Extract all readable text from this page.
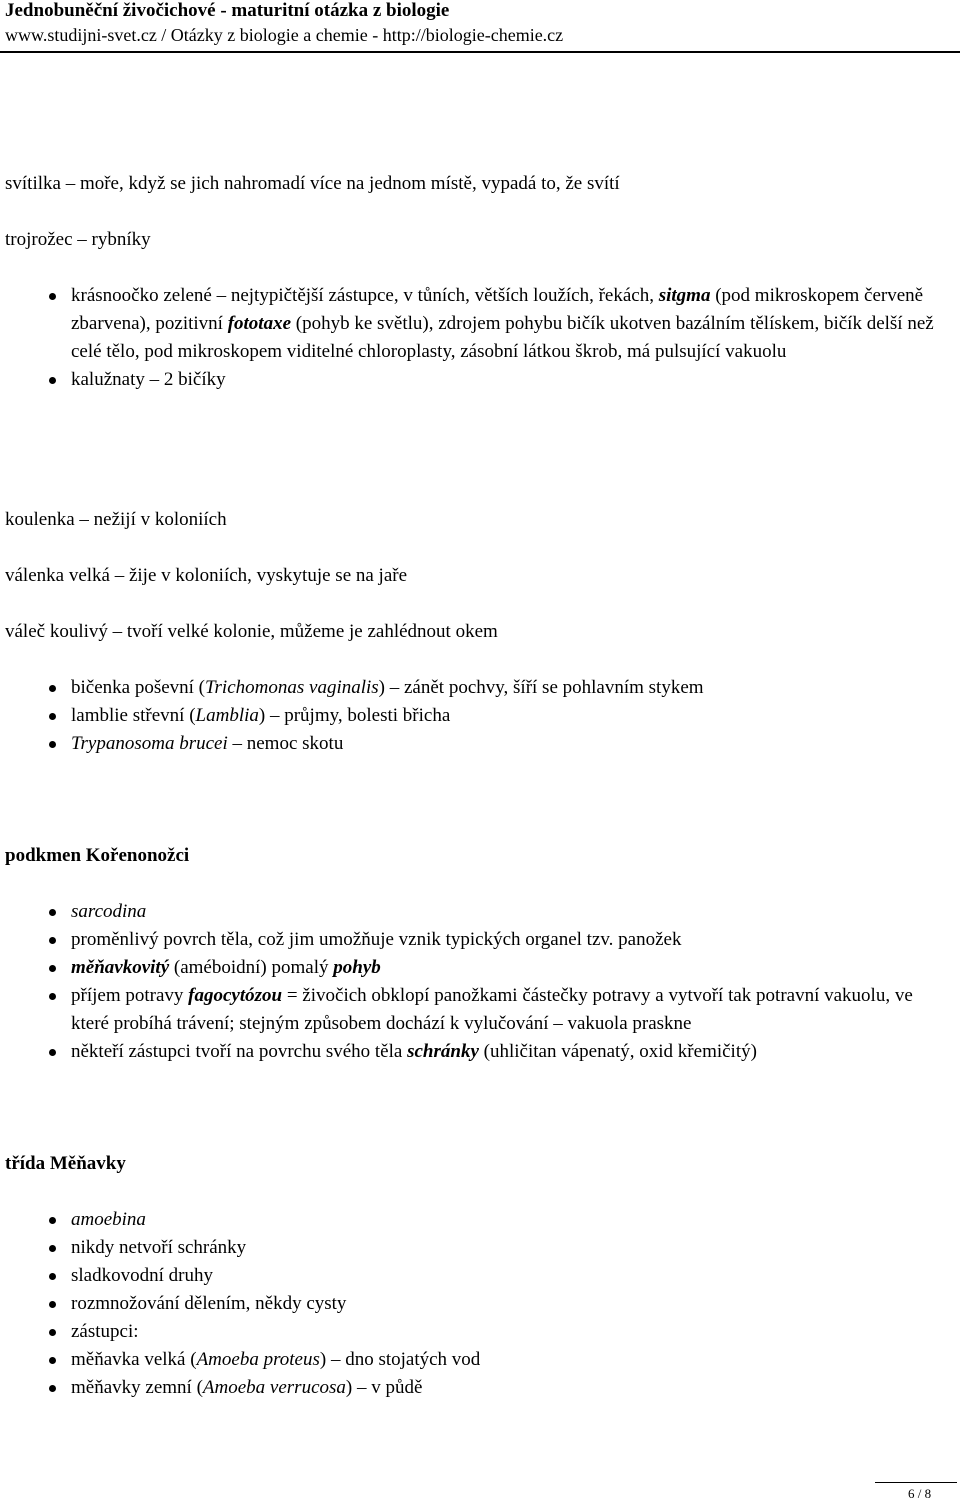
Jednobuněční živočichové - maturitní otázka z biologie
www.studijni-svet.cz / Otázky z biologie a chemie - http://biologie-chemie.cz

svítilka – moře, když se jich nahromadí více na jednom místě, vypadá to, že svítí

trojrožec – rybníky

krásnoočko zelené – nejtypičtější zástupce, v tůních, větších loužích, řekách, sitgma (pod mikroskopem červeně zbarvena), pozitivní fototaxe (pohyb ke světlu), zdrojem pohybu bičík ukotven bazálním tělískem, bičík delší než celé tělo, pod mikroskopem viditelné chloroplasty, zásobní látkou škrob, má pulsující vakuolu
kalužnaty – 2 bičíky

koulenka – nežijí v koloniích

válenka velká – žije v koloniích, vyskytuje se na jaře

váleč koulivý – tvoří velké kolonie, můžeme je zahlédnout okem

bičenka poševní (Trichomonas vaginalis) – zánět pochvy, šíří se pohlavním stykem
lamblie střevní (Lamblia) – průjmy, bolesti břicha
Trypanosoma brucei – nemoc skotu

podkmen Kořenonožci

sarcodina
proměnlivý povrch těla, což jim umožňuje vznik typických organel tzv. panožek
měňavkovitý (améboidní) pomalý pohyb
příjem potravy fagocytózou = živočich obklopí panožkami částečky potravy a vytvoří tak potravní vakuolu, ve které probíhá trávení; stejným způsobem dochází k vylučování – vakuola praskne
někteří zástupci tvoří na povrchu svého těla schránky (uhličitan vápenatý, oxid křemičitý)

třída Měňavky

amoebina
nikdy netvoří schránky
sladkovodní druhy
rozmnožování dělením, někdy cysty
zástupci:
měňavka velká (Amoeba proteus) – dno stojatých vod
měňavky zemní (Amoeba verrucosa) – v půdě
6 / 8
